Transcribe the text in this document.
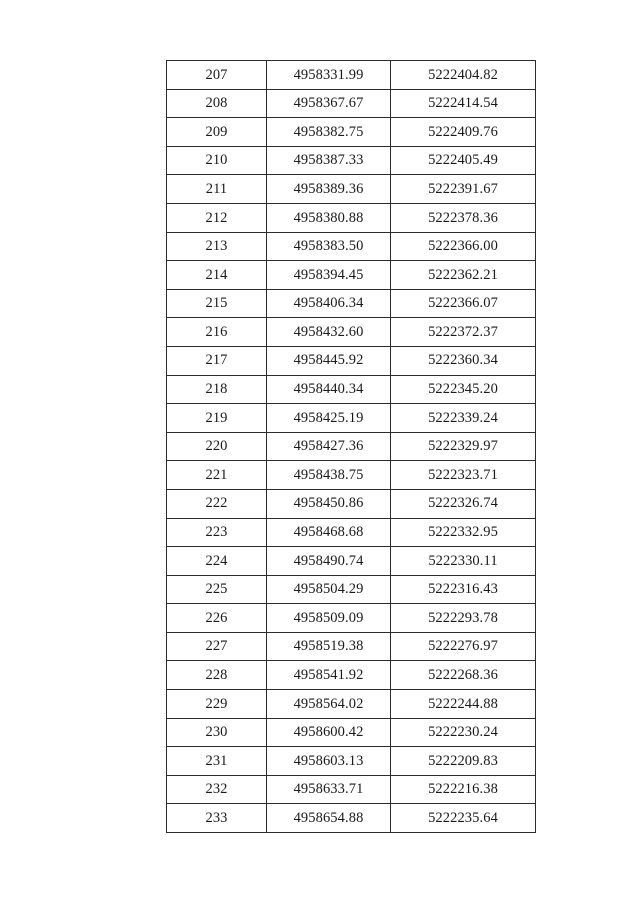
207	4958331.99	5222404.82
208	4958367.67	5222414.54
209	4958382.75	5222409.76
210	4958387.33	5222405.49
211	4958389.36	5222391.67
212	4958380.88	5222378.36
213	4958383.50	5222366.00
214	4958394.45	5222362.21
215	4958406.34	5222366.07
216	4958432.60	5222372.37
217	4958445.92	5222360.34
218	4958440.34	5222345.20
219	4958425.19	5222339.24
220	4958427.36	5222329.97
221	4958438.75	5222323.71
222	4958450.86	5222326.74
223	4958468.68	5222332.95
224	4958490.74	5222330.11
225	4958504.29	5222316.43
226	4958509.09	5222293.78
227	4958519.38	5222276.97
228	4958541.92	5222268.36
229	4958564.02	5222244.88
230	4958600.42	5222230.24
231	4958603.13	5222209.83
232	4958633.71	5222216.38
233	4958654.88	5222235.64
